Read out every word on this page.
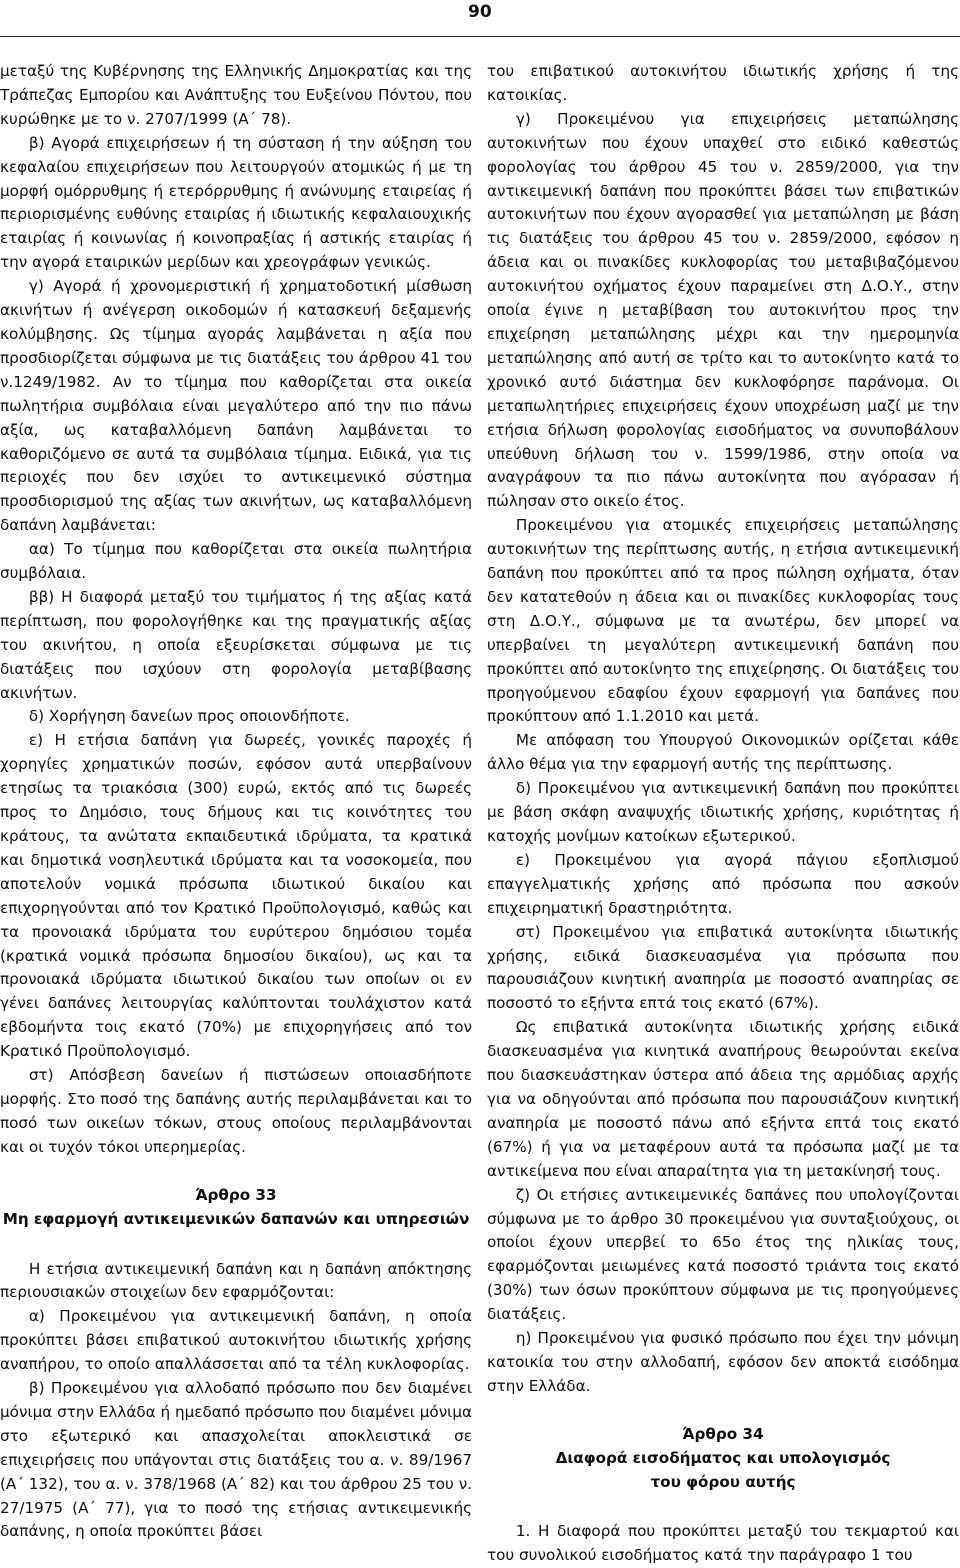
90

μεταξύ της Κυβέρνησης της Ελληνικής Δημοκρατίας και της Τράπεζας Εμπορίου και Ανάπτυξης του Ευξείνου Πόντου, που κυρώθηκε με το ν. 2707/1999 (Α΄ 78).

β) Αγορά επιχειρήσεων ή τη σύσταση ή την αύξηση του κεφαλαίου επιχειρήσεων που λειτουργούν ατομικώς ή με τη μορφή ομόρρυθμης ή ετερόρρυθμης ή ανώνυμης εταιρείας ή περιορισμένης ευθύνης εταιρίας ή ιδιωτικής κεφαλαιουχικής εταιρίας ή κοινωνίας ή κοινοπραξίας ή αστικής εταιρίας ή την αγορά εταιρικών μερίδων και χρεογράφων γενικώς.

γ) Αγορά ή χρονομεριστική ή χρηματοδοτική μίσθωση ακινήτων ή ανέγερση οικοδομών ή κατασκευή δεξαμενής κολύμβησης. Ως τίμημα αγοράς λαμβάνεται η αξία που προσδιορίζεται σύμφωνα με τις διατάξεις του άρθρου 41 του ν.1249/1982. Αν το τίμημα που καθορίζεται στα οικεία πωλητήρια συμβόλαια είναι μεγαλύτερο από την πιο πάνω αξία, ως καταβαλλόμενη δαπάνη λαμβάνεται το καθοριζόμενο σε αυτά τα συμβόλαια τίμημα. Ειδικά, για τις περιοχές που δεν ισχύει το αντικειμενικό σύστημα προσδιορισμού της αξίας των ακινήτων, ως καταβαλλόμενη δαπάνη λαμβάνεται:

αα) Το τίμημα που καθορίζεται στα οικεία πωλητήρια συμβόλαια.

ββ) Η διαφορά μεταξύ του τιμήματος ή της αξίας κατά περίπτωση, που φορολογήθηκε και της πραγματικής αξίας του ακινήτου, η οποία εξευρίσκεται σύμφωνα με τις διατάξεις που ισχύουν στη φορολογία μεταβίβασης ακινήτων.

δ) Χορήγηση δανείων προς οποιονδήποτε.

ε) Η ετήσια δαπάνη για δωρεές, γονικές παροχές ή χορηγίες χρηματικών ποσών, εφόσον αυτά υπερβαίνουν ετησίως τα τριακόσια (300) ευρώ, εκτός από τις δωρεές προς το Δημόσιο, τους δήμους και τις κοινότητες του κράτους, τα ανώτατα εκπαιδευτικά ιδρύματα, τα κρατικά και δημοτικά νοσηλευτικά ιδρύματα και τα νοσοκομεία, που αποτελούν νομικά πρόσωπα ιδιωτικού δικαίου και επιχορηγούνται από τον Κρατικό Προϋπολογισμό, καθώς και τα προνοιακά ιδρύματα του ευρύτερου δημόσιου τομέα (κρατικά νομικά πρόσωπα δημοσίου δικαίου), ως και τα προνοιακά ιδρύματα ιδιωτικού δικαίου των οποίων οι εν γένει δαπάνες λειτουργίας καλύπτονται τουλάχιστον κατά εβδομήντα τοις εκατό (70%) με επιχορηγήσεις από τον Κρατικό Προϋπολογισμό.

στ) Απόσβεση δανείων ή πιστώσεων οποιασδήποτε μορφής. Στο ποσό της δαπάνης αυτής περιλαμβάνεται και το ποσό των οικείων τόκων, στους οποίους περιλαμβάνονται και οι τυχόν τόκοι υπερημερίας.

Άρθρο 33

Μη εφαρμογή αντικειμενικών δαπανών και υπηρεσιών

Η ετήσια αντικειμενική δαπάνη και η δαπάνη απόκτησης περιουσιακών στοιχείων δεν εφαρμόζονται:

α) Προκειμένου για αντικειμενική δαπάνη, η οποία προκύπτει βάσει επιβατικού αυτοκινήτου ιδιωτικής χρήσης αναπήρου, το οποίο απαλλάσσεται από τα τέλη κυκλοφορίας.

β) Προκειμένου για αλλοδαπό πρόσωπο που δεν διαμένει μόνιμα στην Ελλάδα ή ημεδαπό πρόσωπο που διαμένει μόνιμα στο εξωτερικό και απασχολείται αποκλειστικά σε επιχειρήσεις που υπάγονται στις διατάξεις του α. ν. 89/1967 (Α΄ 132), του α. ν. 378/1968 (Α΄ 82) και του άρθρου 25 του ν. 27/1975 (Α΄ 77), για το ποσό της ετήσιας αντικειμενικής δαπάνης, η οποία προκύπτει βάσει

του επιβατικού αυτοκινήτου ιδιωτικής χρήσης ή της κατοικίας.

γ) Προκειμένου για επιχειρήσεις μεταπώλησης αυτοκινήτων που έχουν υπαχθεί στο ειδικό καθεστώς φορολογίας του άρθρου 45 του ν. 2859/2000, για την αντικειμενική δαπάνη που προκύπτει βάσει των επιβατικών αυτοκινήτων που έχουν αγορασθεί για μεταπώληση με βάση τις διατάξεις του άρθρου 45 του ν. 2859/2000, εφόσον η άδεια και οι πινακίδες κυκλοφορίας του μεταβιβαζόμενου αυτοκινήτου οχήματος έχουν παραμείνει στη Δ.Ο.Υ., στην οποία έγινε η μεταβίβαση του αυτοκινήτου προς την επιχείρηση μεταπώλησης μέχρι και την ημερομηνία μεταπώλησης από αυτή σε τρίτο και το αυτοκίνητο κατά το χρονικό αυτό διάστημα δεν κυκλοφόρησε παράνομα. Οι μεταπωλητήριες επιχειρήσεις έχουν υποχρέωση μαζί με την ετήσια δήλωση φορολογίας εισοδήματος να συνυποβάλουν υπεύθυνη δήλωση του ν. 1599/1986, στην οποία να αναγράφουν τα πιο πάνω αυτοκίνητα που αγόρασαν ή πώλησαν στο οικείο έτος.

Προκειμένου για ατομικές επιχειρήσεις μεταπώλησης αυτοκινήτων της περίπτωσης αυτής, η ετήσια αντικειμενική δαπάνη που προκύπτει από τα προς πώληση οχήματα, όταν δεν κατατεθούν η άδεια και οι πινακίδες κυκλοφορίας τους στη Δ.Ο.Υ., σύμφωνα με τα ανωτέρω, δεν μπορεί να υπερβαίνει τη μεγαλύτερη αντικειμενική δαπάνη που προκύπτει από αυτοκίνητο της επιχείρησης. Οι διατάξεις του προηγούμενου εδαφίου έχουν εφαρμογή για δαπάνες που προκύπτουν από 1.1.2010 και μετά.

Με απόφαση του Υπουργού Οικονομικών ορίζεται κάθε άλλο θέμα για την εφαρμογή αυτής της περίπτωσης.

δ) Προκειμένου για αντικειμενική δαπάνη που προκύπτει με βάση σκάφη αναψυχής ιδιωτικής χρήσης, κυριότητας ή κατοχής μονίμων κατοίκων εξωτερικού.

ε) Προκειμένου για αγορά πάγιου εξοπλισμού επαγγελματικής χρήσης από πρόσωπα που ασκούν επιχειρηματική δραστηριότητα.

στ) Προκειμένου για επιβατικά αυτοκίνητα ιδιωτικής χρήσης, ειδικά διασκευασμένα για πρόσωπα που παρουσιάζουν κινητική αναπηρία με ποσοστό αναπηρίας σε ποσοστό το εξήντα επτά τοις εκατό (67%).

Ως επιβατικά αυτοκίνητα ιδιωτικής χρήσης ειδικά διασκευασμένα για κινητικά αναπήρους θεωρούνται εκείνα που διασκευάστηκαν ύστερα από άδεια της αρμόδιας αρχής για να οδηγούνται από πρόσωπα που παρουσιάζουν κινητική αναπηρία με ποσοστό πάνω από εξήντα επτά τοις εκατό (67%) ή για να μεταφέρουν αυτά τα πρόσωπα μαζί με τα αντικείμενα που είναι απαραίτητα για τη μετακίνησή τους.

ζ) Οι ετήσιες αντικειμενικές δαπάνες που υπολογίζονται σύμφωνα με το άρθρο 30 προκειμένου για συνταξιούχους, οι οποίοι έχουν υπερβεί το 65ο έτος της ηλικίας τους, εφαρμόζονται μειωμένες κατά ποσοστό τριάντα τοις εκατό (30%) των όσων προκύπτουν σύμφωνα με τις προηγούμενες διατάξεις.

η) Προκειμένου για φυσικό πρόσωπο που έχει την μόνιμη κατοικία του στην αλλοδαπή, εφόσον δεν αποκτά εισόδημα στην Ελλάδα.

Άρθρο 34

Διαφορά εισοδήματος και υπολογισμός

του φόρου αυτής

1. Η διαφορά που προκύπτει μεταξύ του τεκμαρτού και του συνολικού εισοδήματος κατά την παράγραφο 1 του
